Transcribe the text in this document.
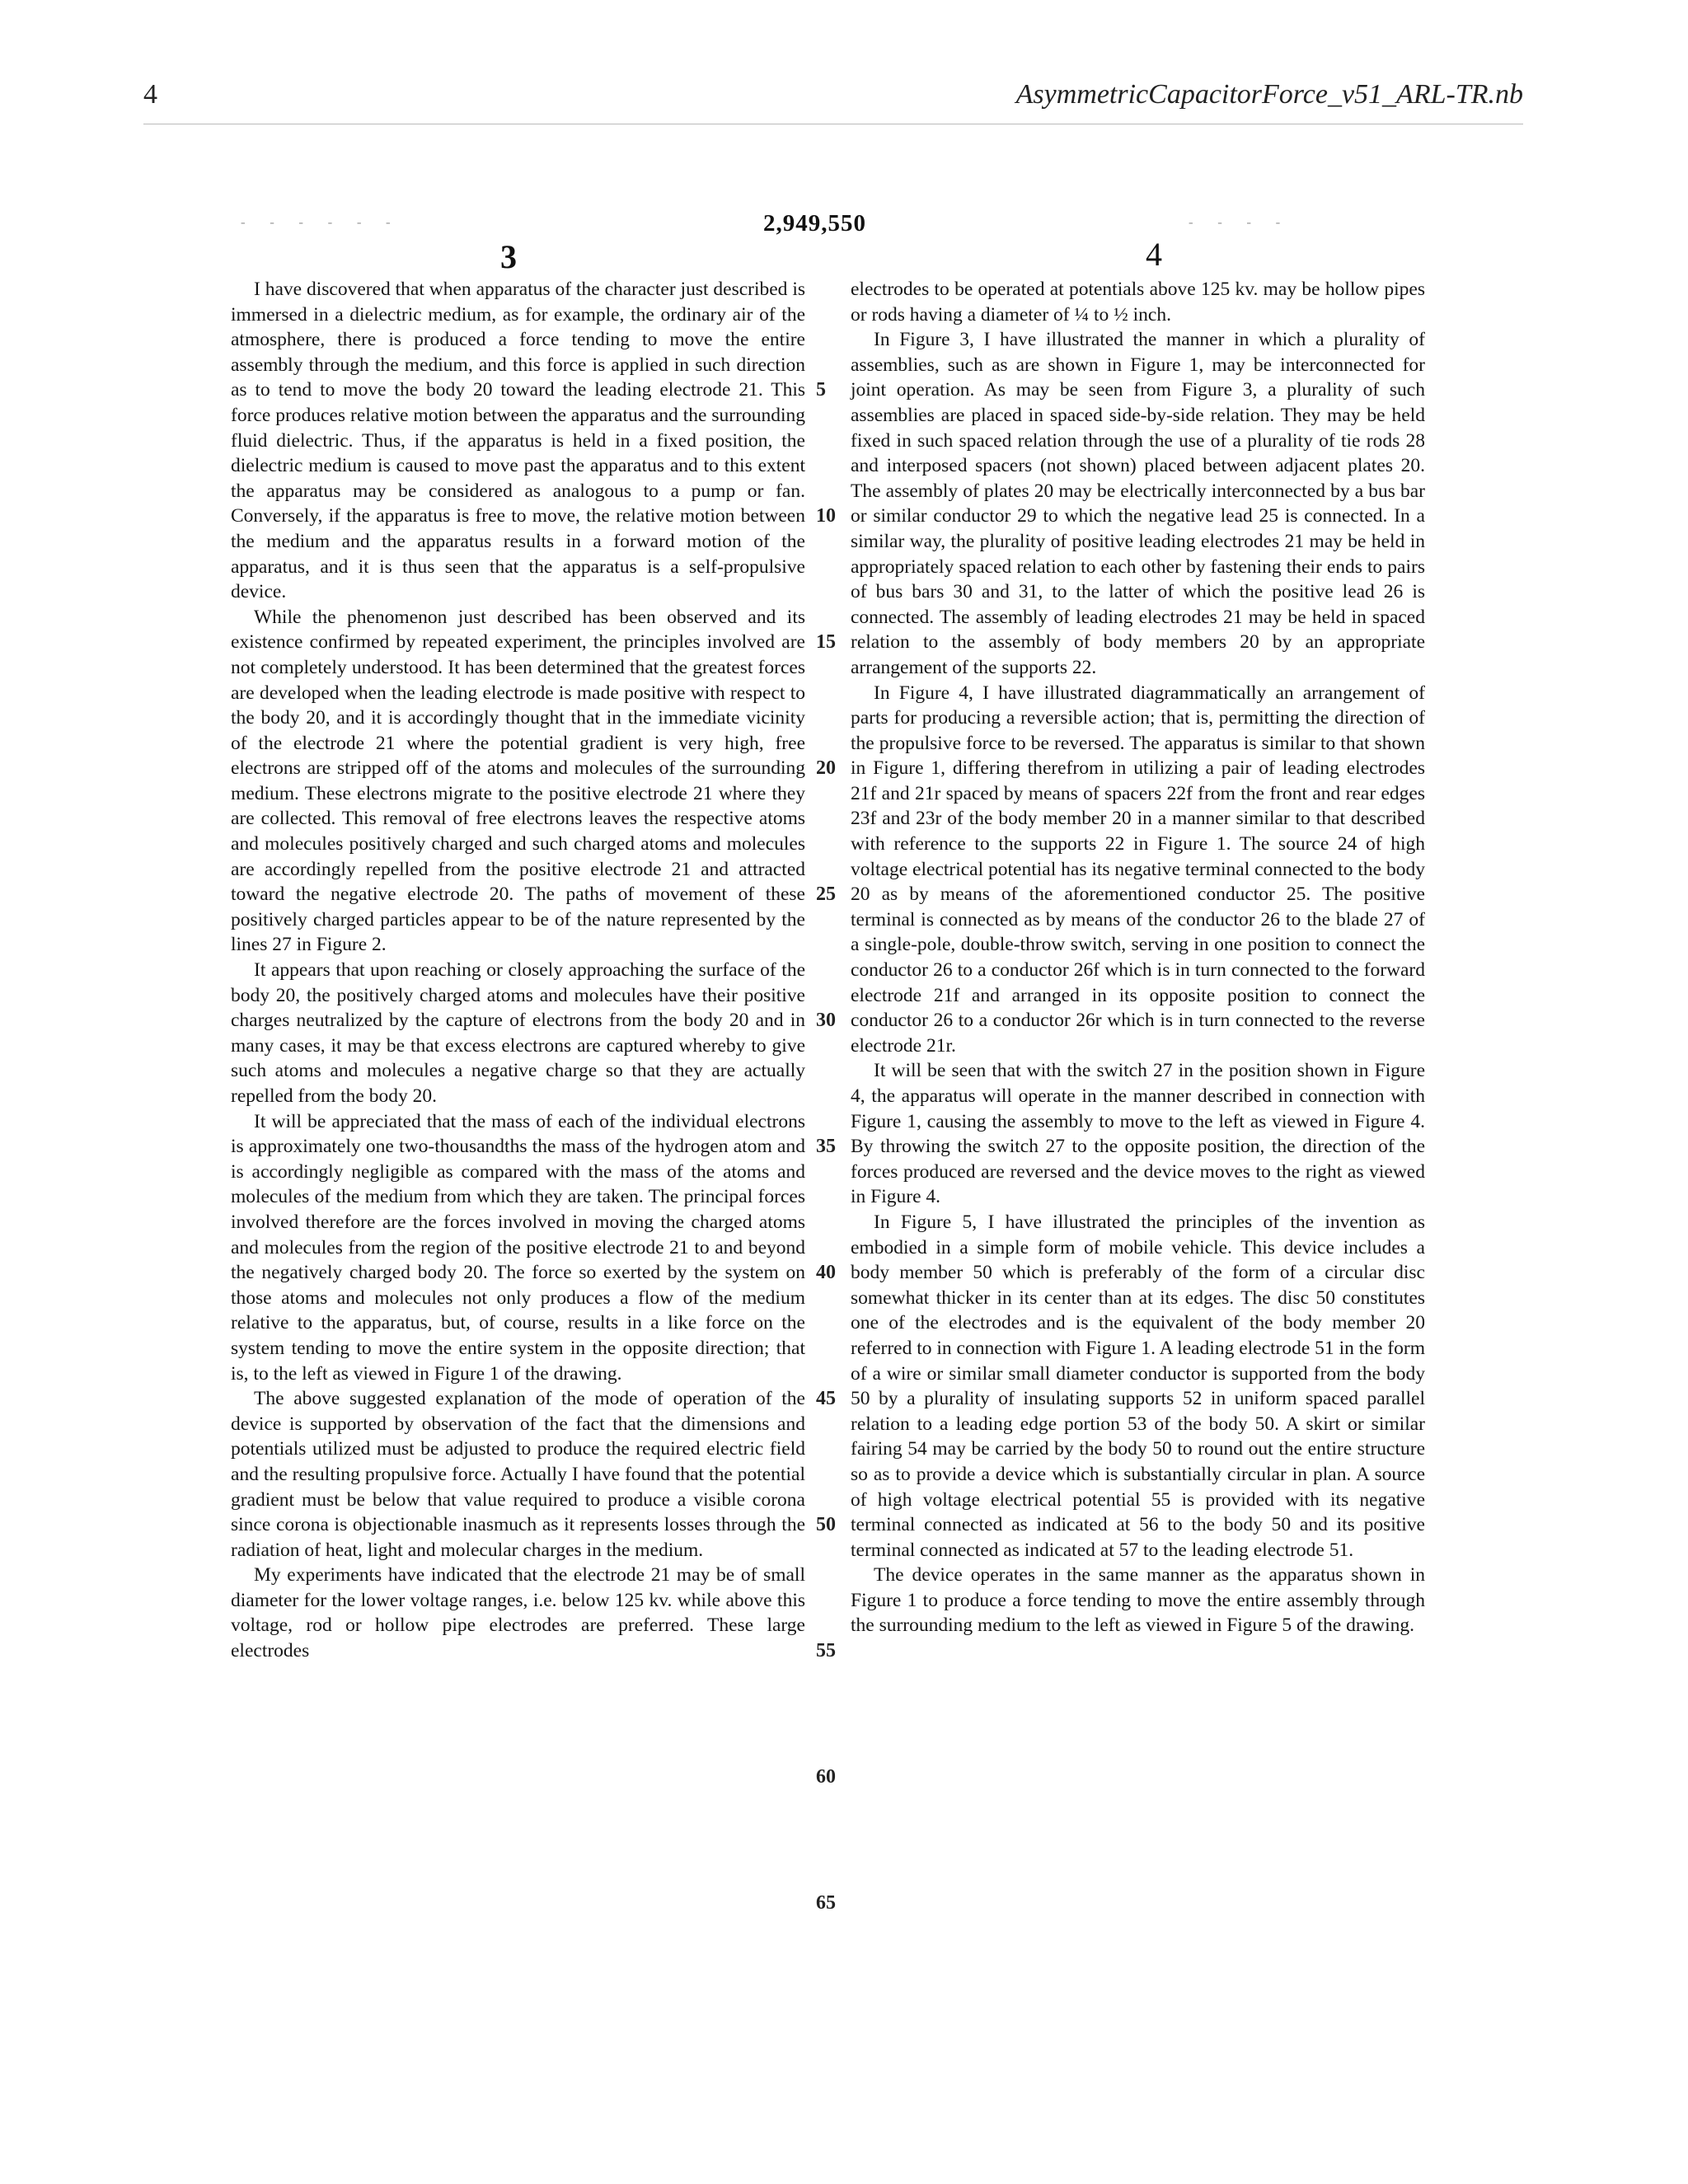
4	AsymmetricCapacitorForce_v51_ARL-TR.nb
- - - - - -	- - - -
2,949,550
3	4

I have discovered that when apparatus of the character just described is immersed in a dielectric medium, as for example, the ordinary air of the atmosphere, there is produced a force tending to move the entire assembly through the medium, and this force is applied in such direction as to tend to move the body 20 toward the leading electrode 21. This force produces relative motion between the apparatus and the surrounding fluid dielectric. Thus, if the apparatus is held in a fixed position, the dielectric medium is caused to move past the apparatus and to this extent the apparatus may be considered as analogous to a pump or fan. Conversely, if the apparatus is free to move, the relative motion between the medium and the apparatus results in a forward motion of the apparatus, and it is thus seen that the apparatus is a self-propulsive device.

While the phenomenon just described has been observed and its existence confirmed by repeated experiment, the principles involved are not completely understood. It has been determined that the greatest forces are developed when the leading electrode is made positive with respect to the body 20, and it is accordingly thought that in the immediate vicinity of the electrode 21 where the potential gradient is very high, free electrons are stripped off of the atoms and molecules of the surrounding medium. These electrons migrate to the positive electrode 21 where they are collected. This removal of free electrons leaves the respective atoms and molecules positively charged and such charged atoms and molecules are accordingly repelled from the positive electrode 21 and attracted toward the negative electrode 20. The paths of movement of these positively charged particles appear to be of the nature represented by the lines 27 in Figure 2.

It appears that upon reaching or closely approaching the surface of the body 20, the positively charged atoms and molecules have their positive charges neutralized by the capture of electrons from the body 20 and in many cases, it may be that excess electrons are captured whereby to give such atoms and molecules a negative charge so that they are actually repelled from the body 20.

It will be appreciated that the mass of each of the individual electrons is approximately one two-thousandths the mass of the hydrogen atom and is accordingly negligible as compared with the mass of the atoms and molecules of the medium from which they are taken. The principal forces involved therefore are the forces involved in moving the charged atoms and molecules from the region of the positive electrode 21 to and beyond the negatively charged body 20. The force so exerted by the system on those atoms and molecules not only produces a flow of the medium relative to the apparatus, but, of course, results in a like force on the system tending to move the entire system in the opposite direction; that is, to the left as viewed in Figure 1 of the drawing.

The above suggested explanation of the mode of operation of the device is supported by observation of the fact that the dimensions and potentials utilized must be adjusted to produce the required electric field and the resulting propulsive force. Actually I have found that the potential gradient must be below that value required to produce a visible corona since corona is objectionable inasmuch as it represents losses through the radiation of heat, light and molecular charges in the medium.

My experiments have indicated that the electrode 21 may be of small diameter for the lower voltage ranges, i.e. below 125 kv. while above this voltage, rod or hollow pipe electrodes are preferred. These large electrodes

electrodes to be operated at potentials above 125 kv. may be hollow pipes or rods having a diameter of ¼ to ½ inch.

In Figure 3, I have illustrated the manner in which a plurality of assemblies, such as are shown in Figure 1, may be interconnected for joint operation. As may be seen from Figure 3, a plurality of such assemblies are placed in spaced side-by-side relation. They may be held fixed in such spaced relation through the use of a plurality of tie rods 28 and interposed spacers (not shown) placed between adjacent plates 20. The assembly of plates 20 may be electrically interconnected by a bus bar or similar conductor 29 to which the negative lead 25 is connected. In a similar way, the plurality of positive leading electrodes 21 may be held in appropriately spaced relation to each other by fastening their ends to pairs of bus bars 30 and 31, to the latter of which the positive lead 26 is connected. The assembly of leading electrodes 21 may be held in spaced relation to the assembly of body members 20 by an appropriate arrangement of the supports 22.

In Figure 4, I have illustrated diagrammatically an arrangement of parts for producing a reversible action; that is, permitting the direction of the propulsive force to be reversed. The apparatus is similar to that shown in Figure 1, differing therefrom in utilizing a pair of leading electrodes 21f and 21r spaced by means of spacers 22f from the front and rear edges 23f and 23r of the body member 20 in a manner similar to that described with reference to the supports 22 in Figure 1. The source 24 of high voltage electrical potential has its negative terminal connected to the body 20 as by means of the aforementioned conductor 25. The positive terminal is connected as by means of the conductor 26 to the blade 27 of a single-pole, double-throw switch, serving in one position to connect the conductor 26 to a conductor 26f which is in turn connected to the forward electrode 21f and arranged in its opposite position to connect the conductor 26 to a conductor 26r which is in turn connected to the reverse electrode 21r.

It will be seen that with the switch 27 in the position shown in Figure 4, the apparatus will operate in the manner described in connection with Figure 1, causing the assembly to move to the left as viewed in Figure 4. By throwing the switch 27 to the opposite position, the direction of the forces produced are reversed and the device moves to the right as viewed in Figure 4.

In Figure 5, I have illustrated the principles of the invention as embodied in a simple form of mobile vehicle. This device includes a body member 50 which is preferably of the form of a circular disc somewhat thicker in its center than at its edges. The disc 50 constitutes one of the electrodes and is the equivalent of the body member 20 referred to in connection with Figure 1. A leading electrode 51 in the form of a wire or similar small diameter conductor is supported from the body 50 by a plurality of insulating supports 52 in uniform spaced parallel relation to a leading edge portion 53 of the body 50. A skirt or similar fairing 54 may be carried by the body 50 to round out the entire structure so as to provide a device which is substantially circular in plan. A source of high voltage electrical potential 55 is provided with its negative terminal connected as indicated at 56 to the body 50 and its positive terminal connected as indicated at 57 to the leading electrode 51.

The device operates in the same manner as the apparatus shown in Figure 1 to produce a force tending to move the entire assembly through the surrounding medium to the left as viewed in Figure 5 of the drawing.

5
10
15
20
25
30
35
40
45
50
55
60
65
